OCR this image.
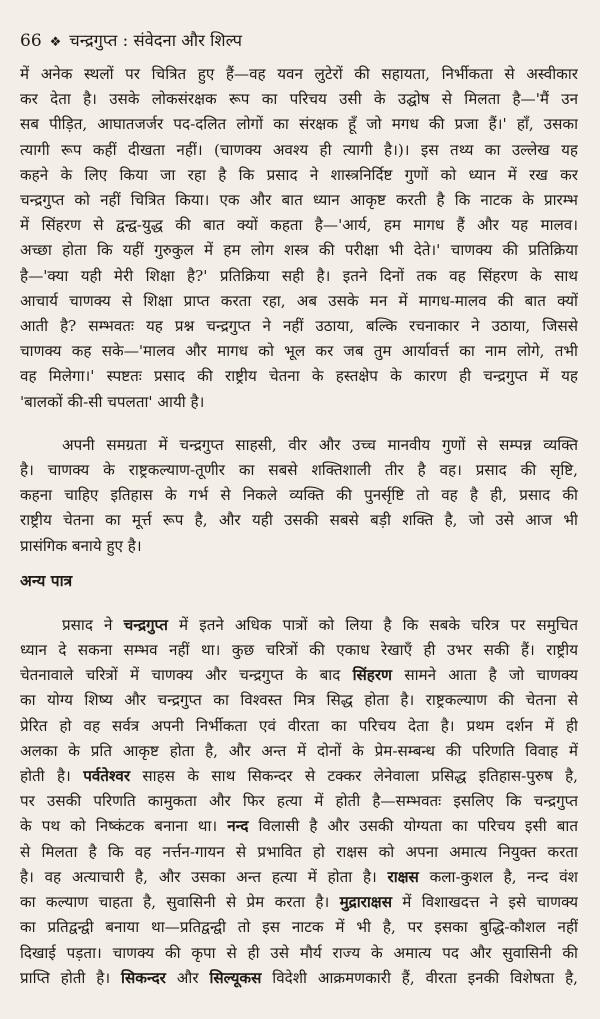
66 ❖ चन्द्रगुप्त : संवेदना और शिल्प
में अनेक स्थलों पर चित्रित हुए हैं—वह यवन लुटेरों की सहायता, निर्भीकता से अस्वीकार
कर देता है। उसके लोकसंरक्षक रूप का परिचय उसी के उद्घोष से मिलता है—'मैं उन
सब पीड़ित, आघातजर्जर पद-दलित लोगों का संरक्षक हूँ जो मगध की प्रजा हैं।' हाँ, उसका
त्यागी रूप कहीं दीखता नहीं। (चाणक्य अवश्य ही त्यागी है।)। इस तथ्य का उल्लेख यह
कहने के लिए किया जा रहा है कि प्रसाद ने शास्त्रनिर्दिष्ट गुणों को ध्यान में रख कर
चन्द्रगुप्त को नहीं चित्रित किया। एक और बात ध्यान आकृष्ट करती है कि नाटक के प्रारम्भ
में सिंहरण से द्वन्द्व-युद्ध की बात क्यों कहता है—'आर्य, हम मागध हैं और यह मालव।
अच्छा होता कि यहीं गुरुकुल में हम लोग शस्त्र की परीक्षा भी देते।' चाणक्य की प्रतिक्रिया
है—'क्या यही मेरी शिक्षा है?' प्रतिक्रिया सही है। इतने दिनों तक वह सिंहरण के साथ
आचार्य चाणक्य से शिक्षा प्राप्त करता रहा, अब उसके मन में मागध-मालव की बात क्यों
आती है? सम्भवतः यह प्रश्न चन्द्रगुप्त ने नहीं उठाया, बल्कि रचनाकार ने उठाया, जिससे
चाणक्य कह सके—'मालव और मागध को भूल कर जब तुम आर्यावर्त्त का नाम लोगे, तभी
वह मिलेगा।' स्पष्टतः प्रसाद की राष्ट्रीय चेतना के हस्तक्षेप के कारण ही चन्द्रगुप्त में यह
'बालकों की-सी चपलता' आयी है।
अपनी समग्रता में चन्द्रगुप्त साहसी, वीर और उच्च मानवीय गुणों से सम्पन्न व्यक्ति
है। चाणक्य के राष्ट्रकल्याण-तूणीर का सबसे शक्तिशाली तीर है वह। प्रसाद की सृष्टि,
कहना चाहिए इतिहास के गर्भ से निकले व्यक्ति की पुनर्सृष्टि तो वह है ही, प्रसाद की
राष्ट्रीय चेतना का मूर्त्त रूप है, और यही उसकी सबसे बड़ी शक्ति है, जो उसे आज भी
प्रासंगिक बनाये हुए है।
अन्य पात्र
प्रसाद ने चन्द्रगुप्त में इतने अधिक पात्रों को लिया है कि सबके चरित्र पर समुचित
ध्यान दे सकना सम्भव नहीं था। कुछ चरित्रों की एकाध रेखाएँ ही उभर सकी हैं। राष्ट्रीय
चेतनावाले चरित्रों में चाणक्य और चन्द्रगुप्त के बाद सिंहरण सामने आता है जो चाणक्य
का योग्य शिष्य और चन्द्रगुप्त का विश्वस्त मित्र सिद्ध होता है। राष्ट्रकल्याण की चेतना से
प्रेरित हो वह सर्वत्र अपनी निर्भीकता एवं वीरता का परिचय देता है। प्रथम दर्शन में ही
अलका के प्रति आकृष्ट होता है, और अन्त में दोनों के प्रेम-सम्बन्ध की परिणति विवाह में
होती है। पर्वतेश्वर साहस के साथ सिकन्दर से टक्कर लेनेवाला प्रसिद्ध इतिहास-पुरुष है,
पर उसकी परिणति कामुकता और फिर हत्या में होती है—सम्भवतः इसलिए कि चन्द्रगुप्त
के पथ को निष्कंटक बनाना था। नन्द विलासी है और उसकी योग्यता का परिचय इसी बात
से मिलता है कि वह नर्त्तन-गायन से प्रभावित हो राक्षस को अपना अमात्य नियुक्त करता
है। वह अत्याचारी है, और उसका अन्त हत्या में होता है। राक्षस कला-कुशल है, नन्द वंश
का कल्याण चाहता है, सुवासिनी से प्रेम करता है। मुद्राराक्षस में विशाखदत्त ने इसे चाणक्य
का प्रतिद्वन्द्वी बनाया था—प्रतिद्वन्द्वी तो इस नाटक में भी है, पर इसका बुद्धि-कौशल नहीं
दिखाई पड़ता। चाणक्य की कृपा से ही उसे मौर्य राज्य के अमात्य पद और सुवासिनी की
प्राप्ति होती है। सिकन्दर और सिल्यूकस विदेशी आक्रमणकारी हैं, वीरता इनकी विशेषता है,
